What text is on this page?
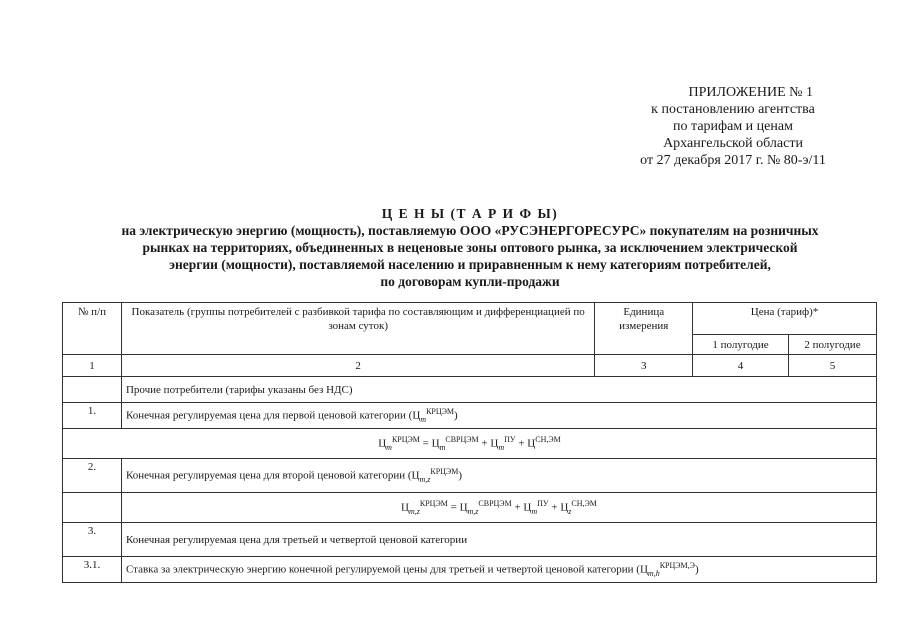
ПРИЛОЖЕНИЕ № 1
к постановлению агентства
по тарифам и ценам
Архангельской области
от 27 декабря 2017 г. № 80-э/11
Ц Е Н Ы (Т А Р И Ф Ы)
на электрическую энергию (мощность), поставляемую ООО «РУСЭНЕРГОРЕСУРС» покупателям на розничных
рынках на территориях, объединенных в неценовые зоны оптового рынка, за исключением электрической
энергии (мощности), поставляемой населению и приравненным к нему категориям потребителей,
по договорам купли-продажи
№ п/п	Показатель (группы потребителей с разбивкой тарифа по составляющим и дифференциацией по зонам суток)	Единица измерения	Цена (тариф)*	
			1 полугодие	2 полугодие
1	2	3	4	5
	Прочие потребители (тарифы указаны без НДС)			
1.	Конечная регулируемая цена для первой ценовой категории $(Ц_m^{КРЦЭМ})$			
$Ц_m^{КРЦЭМ} = Ц_m^{СВРЦЭМ} + Ц_m^{ПУ} + Ц^{СН,ЭМ}$
2.	Конечная регулируемая цена для второй ценовой категории $(Ц_{m,z}^{КРЦЭМ})$			
	$Ц_{m,z}^{КРЦЭМ} = Ц_{m,z}^{СВРЦЭМ} + Ц_m^{ПУ} + Ц_z^{СН,ЭМ}$
3.	Конечная регулируемая цена для третьей и четвертой ценовой категории			
3.1.	Ставка за электрическую энергию конечной регулируемой цены для третьей и четвертой ценовой категории $(Ц_{m,h}^{КРЦЭМ,Э})$			
